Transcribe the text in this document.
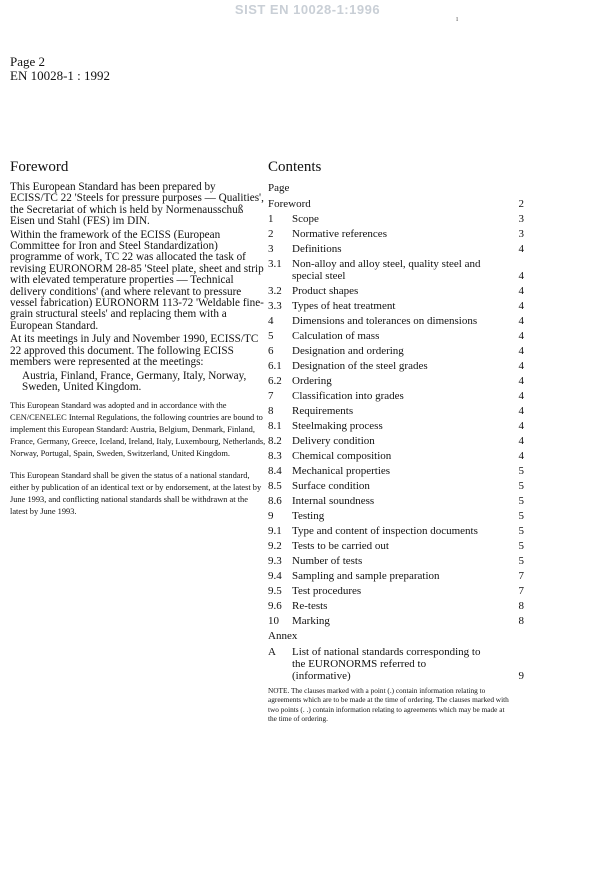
SIST EN 10028-1:1996
ı
Page 2
EN 10028-1 : 1992
Foreword	Contents

This European Standard has been prepared by ECISS/TC 22 'Steels for pressure purposes — Qualities', the Secretariat of which is held by Normenausschuß Eisen und Stahl (FES) im DIN.

Within the framework of the ECISS (European Committee for Iron and Steel Standardization) programme of work, TC 22 was allocated the task of revising EURONORM 28-85 'Steel plate, sheet and strip with elevated temperature properties — Technical delivery conditions' (and where relevant to pressure vessel fabrication) EURONORM 113-72 'Weldable fine-grain structural steels' and replacing them with a European Standard.

At its meetings in July and November 1990, ECISS/TC 22 approved this document. The following ECISS members were represented at the meetings:

Austria, Finland, France, Germany, Italy, Norway, Sweden, United Kingdom.

This European Standard was adopted and in accordance with the CEN/CENELEC Internal Regulations, the following countries are bound to implement this European Standard: Austria, Belgium, Denmark, Finland, France, Germany, Greece, Iceland, Ireland, Italy, Luxembourg, Netherlands, Norway, Portugal, Spain, Sweden, Switzerland, United Kingdom.

This European Standard shall be given the status of a national standard, either by publication of an identical text or by endorsement, at the latest by June 1993, and conflicting national standards shall be withdrawn at the latest by June 1993.

Page
Foreword	2
1	Scope	3
2	Normative references	3
3	Definitions	4
3.1 Non-alloy and alloy steel, quality steel and special steel	4
3.2 Product shapes	4
3.3 Types of heat treatment	4
4	Dimensions and tolerances on dimensions	4
5	Calculation of mass	4
6	Designation and ordering	4
6.1 Designation of the steel grades	4
6.2 Ordering	4
7	Classification into grades	4
8	Requirements	4
8.1 Steelmaking process	4
8.2 Delivery condition	4
8.3 Chemical composition	4
8.4 Mechanical properties	5
8.5 Surface condition	5
8.6 Internal soundness	5
9	Testing	5
9.1 Type and content of inspection documents	5
9.2 Tests to be carried out	5
9.3 Number of tests	5
9.4 Sampling and sample preparation	7
9.5 Test procedures	7
9.6 Re-tests	8
10	Marking	8
Annex
A	List of national standards corresponding to the EURONORMS referred to (informative)	9
NOTE. The clauses marked with a point (.) contain information relating to agreements which are to be made at the time of ordering. The clauses marked with two points (. .) contain information relating to agreements which may be made at the time of ordering.
